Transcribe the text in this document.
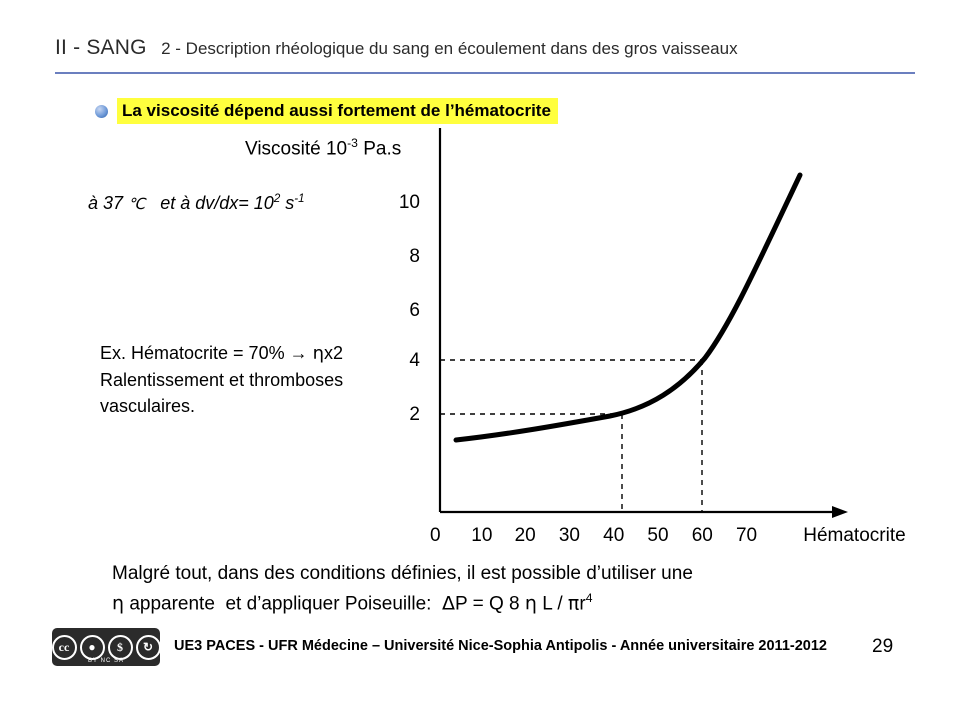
II - SANG 2 - Description rhéologique du sang en écoulement dans des gros vaisseaux
La viscosité dépend aussi fortement de l’hématocrite
Viscosité $10^{-3}$ Pa.s
à 37 ℃   et à $dv/dx= 10^2$ $s^{-1}$
Ex. Hématocrite = 70% → ηx2
Ralentissement et thromboses
vasculaires.
10
8
6
4
2
0 10 20 30 40 50 60 70 Hématocrite
Malgré tout, dans des conditions définies, il est possible d’utiliser une
η apparente  et d’appliquer Poiseuille:  ΔP = Q 8 η L / $\pi r^4$
cc	●	$	↻
BY NC SA
UE3 PACES - UFR Médecine – Université Nice-Sophia Antipolis - Année universitaire 2011-2012 29
